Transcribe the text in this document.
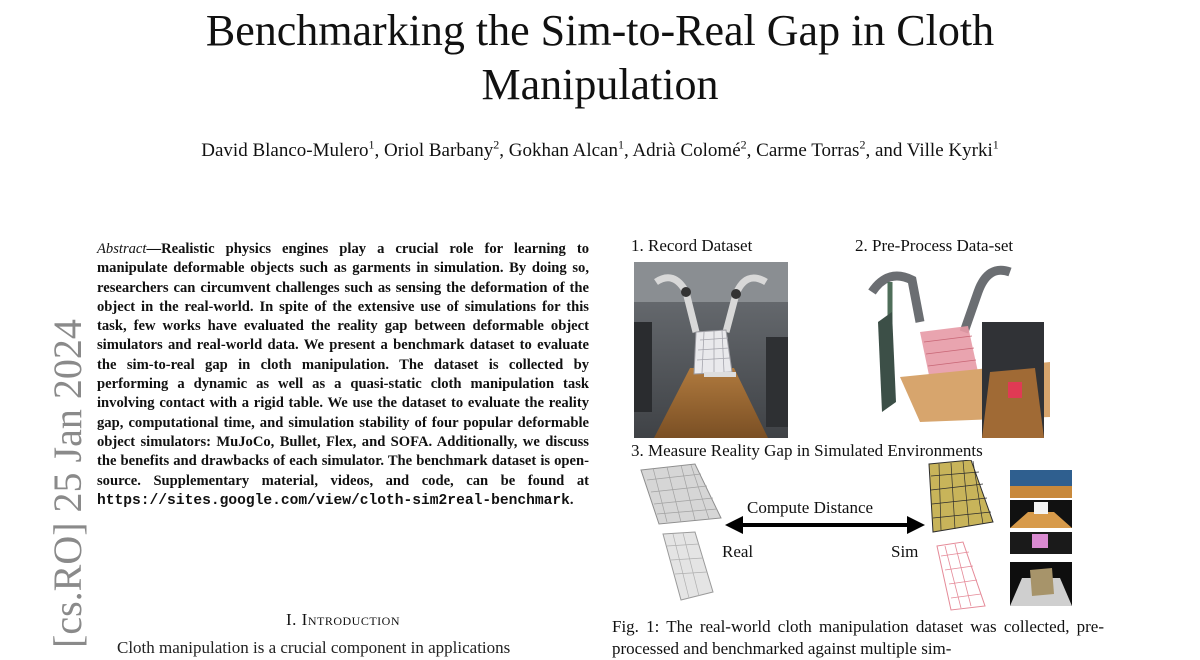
Benchmarking the Sim-to-Real Gap in Cloth Manipulation
David Blanco-Mulero$^1$, Oriol Barbany$^2$, Gokhan Alcan$^1$, Adrià Colomé$^2$, Carme Torras$^2$, and Ville Kyrki$^1$
[cs.RO] 25 Jan 2024
Abstract—Realistic physics engines play a crucial role for learning to manipulate deformable objects such as garments in simulation. By doing so, researchers can circumvent challenges such as sensing the deformation of the object in the real-world. In spite of the extensive use of simulations for this task, few works have evaluated the reality gap between deformable object simulators and real-world data. We present a benchmark dataset to evaluate the sim-to-real gap in cloth manipulation. The dataset is collected by performing a dynamic as well as a quasi-static cloth manipulation task involving contact with a rigid table. We use the dataset to evaluate the reality gap, computational time, and simulation stability of four popular deformable object simulators: MuJoCo, Bullet, Flex, and SOFA. Additionally, we discuss the benefits and drawbacks of each simulator. The benchmark dataset is open-source. Supplementary material, videos, and code, can be found at https://sites.google.com/view/cloth-sim2real-benchmark.
I. Introduction
Cloth manipulation is a crucial component in applications
1. Record Dataset	2. Pre-Process Data-set
3. Measure Reality Gap in Simulated Environments
Compute Distance
Real	Sim
Fig. 1: The real-world cloth manipulation dataset was collected, pre-processed and benchmarked against multiple sim-
